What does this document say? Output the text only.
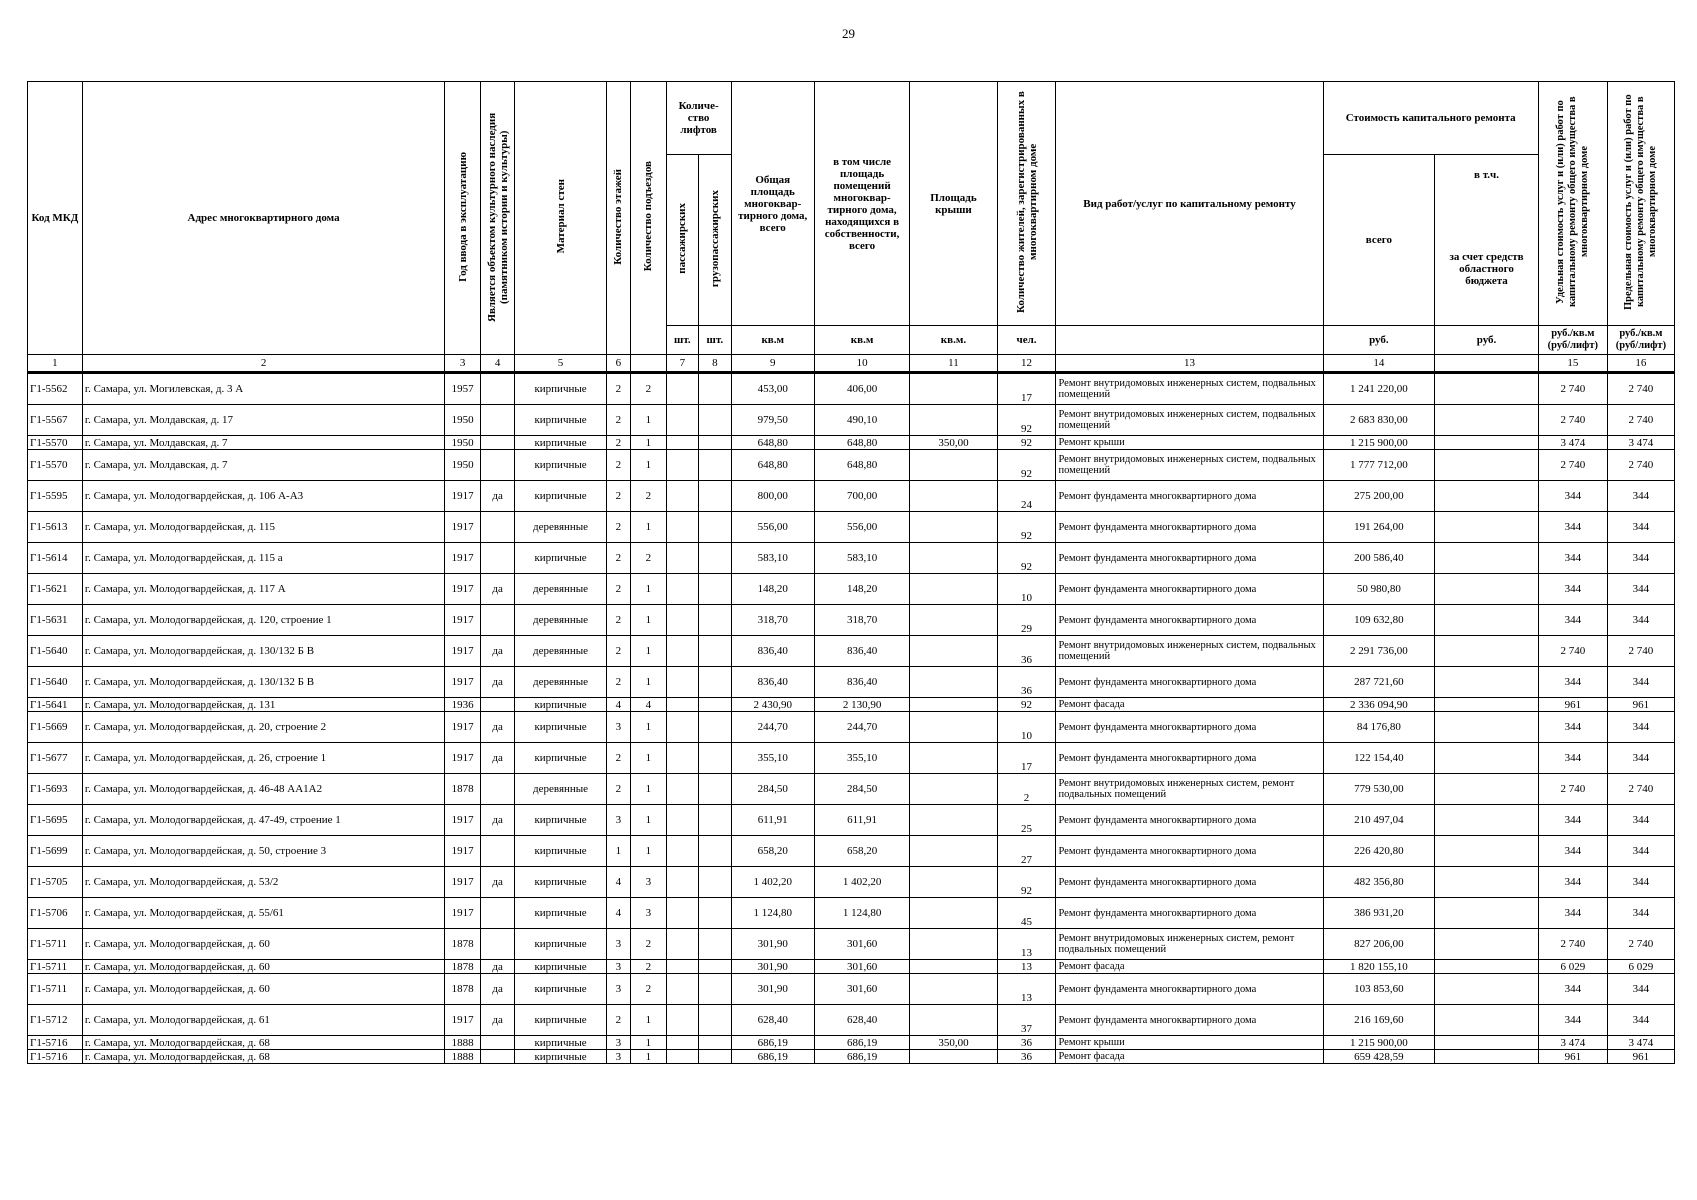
29
Код МКД	Адрес многоквартирного дома	Год ввода в эксплуатацию	Является объектом культурного наследия (памятником истории и культуры)	Материал стен	Количество этажей	Количество подъездов	Количе-ство лифтов		Общая площадь многоквар-тирного дома, всего	в том числе площадь помещений многоквар-тирного дома, находящихся в собственности, всего	Площадь крыши	Количество жителей, зарегистрированных в многоквартирном доме	Вид работ/услуг по капитальному ремонту	Стоимость капитального ремонта		Удельная стоимость услуг и (или) работ по капитальному ремонту общего имущества в многоквартирном доме	Предельная стоимость услуг и (или) работ по капитальному ремонту общего имущества в многоквартирном доме
							пассажирских	грузопассажирских						всего	в т.ч.
за счет средств областного бюджета		

							шт.	шт.	кв.м	кв.м	кв.м.	чел.		руб.	руб.	руб./кв.м (руб/лифт)	руб./кв.м (руб/лифт)
1	2	3	4	5	6		7	8	9	10	11	12	13	14		15	16
Г1-5562	г. Самара, ул. Могилевская, д. 3 А	1957		кирпичные	2	2			453,00	406,00		17	Ремонт внутридомовых инженерных систем, подвальных помещений	1 241 220,00		2 740	2 740
Г1-5567	г. Самара, ул. Молдавская, д. 17	1950		кирпичные	2	1			979,50	490,10		92	Ремонт внутридомовых инженерных систем, подвальных помещений	2 683 830,00		2 740	2 740
Г1-5570	г. Самара, ул. Молдавская, д. 7	1950		кирпичные	2	1			648,80	648,80	350,00	92	Ремонт крыши	1 215 900,00		3 474	3 474
Г1-5570	г. Самара, ул. Молдавская, д. 7	1950		кирпичные	2	1			648,80	648,80		92	Ремонт внутридомовых инженерных систем, подвальных помещений	1 777 712,00		2 740	2 740
Г1-5595	г. Самара, ул. Молодогвардейская, д. 106 А-А3	1917	да	кирпичные	2	2			800,00	700,00		24	Ремонт фундамента многоквартирного дома	275 200,00		344	344
Г1-5613	г. Самара, ул. Молодогвардейская, д. 115	1917		деревянные	2	1			556,00	556,00		92	Ремонт фундамента многоквартирного дома	191 264,00		344	344
Г1-5614	г. Самара, ул. Молодогвардейская, д. 115 а	1917		кирпичные	2	2			583,10	583,10		92	Ремонт фундамента многоквартирного дома	200 586,40		344	344
Г1-5621	г. Самара, ул. Молодогвардейская, д. 117 А	1917	да	деревянные	2	1			148,20	148,20		10	Ремонт фундамента многоквартирного дома	50 980,80		344	344
Г1-5631	г. Самара, ул. Молодогвардейская, д. 120, строение 1	1917		деревянные	2	1			318,70	318,70		29	Ремонт фундамента многоквартирного дома	109 632,80		344	344
Г1-5640	г. Самара, ул. Молодогвардейская, д. 130/132 Б В	1917	да	деревянные	2	1			836,40	836,40		36	Ремонт внутридомовых инженерных систем, подвальных помещений	2 291 736,00		2 740	2 740
Г1-5640	г. Самара, ул. Молодогвардейская, д. 130/132 Б В	1917	да	деревянные	2	1			836,40	836,40		36	Ремонт фундамента многоквартирного дома	287 721,60		344	344
Г1-5641	г. Самара, ул. Молодогвардейская, д. 131	1936		кирпичные	4	4			2 430,90	2 130,90		92	Ремонт фасада	2 336 094,90		961	961
Г1-5669	г. Самара, ул. Молодогвардейская, д. 20, строение 2	1917	да	кирпичные	3	1			244,70	244,70		10	Ремонт фундамента многоквартирного дома	84 176,80		344	344
Г1-5677	г. Самара, ул. Молодогвардейская, д. 26, строение 1	1917	да	кирпичные	2	1			355,10	355,10		17	Ремонт фундамента многоквартирного дома	122 154,40		344	344
Г1-5693	г. Самара, ул. Молодогвардейская, д. 46-48 АА1А2	1878		деревянные	2	1			284,50	284,50		2	Ремонт внутридомовых инженерных систем, ремонт подвальных помещений	779 530,00		2 740	2 740
Г1-5695	г. Самара, ул. Молодогвардейская, д. 47-49, строение 1	1917	да	кирпичные	3	1			611,91	611,91		25	Ремонт фундамента многоквартирного дома	210 497,04		344	344
Г1-5699	г. Самара, ул. Молодогвардейская, д. 50, строение 3	1917		кирпичные	1	1			658,20	658,20		27	Ремонт фундамента многоквартирного дома	226 420,80		344	344
Г1-5705	г. Самара, ул. Молодогвардейская, д. 53/2	1917	да	кирпичные	4	3			1 402,20	1 402,20		92	Ремонт фундамента многоквартирного дома	482 356,80		344	344
Г1-5706	г. Самара, ул. Молодогвардейская, д. 55/61	1917		кирпичные	4	3			1 124,80	1 124,80		45	Ремонт фундамента многоквартирного дома	386 931,20		344	344
Г1-5711	г. Самара, ул. Молодогвардейская, д. 60	1878		кирпичные	3	2			301,90	301,60		13	Ремонт внутридомовых инженерных систем, ремонт подвальных помещений	827 206,00		2 740	2 740
Г1-5711	г. Самара, ул. Молодогвардейская, д. 60	1878	да	кирпичные	3	2			301,90	301,60		13	Ремонт фасада	1 820 155,10		6 029	6 029
Г1-5711	г. Самара, ул. Молодогвардейская, д. 60	1878	да	кирпичные	3	2			301,90	301,60		13	Ремонт фундамента многоквартирного дома	103 853,60		344	344
Г1-5712	г. Самара, ул. Молодогвардейская, д. 61	1917	да	кирпичные	2	1			628,40	628,40		37	Ремонт фундамента многоквартирного дома	216 169,60		344	344
Г1-5716	г. Самара, ул. Молодогвардейская, д. 68	1888		кирпичные	3	1			686,19	686,19	350,00	36	Ремонт крыши	1 215 900,00		3 474	3 474
Г1-5716	г. Самара, ул. Молодогвардейская, д. 68	1888		кирпичные	3	1			686,19	686,19		36	Ремонт фасада	659 428,59		961	961
